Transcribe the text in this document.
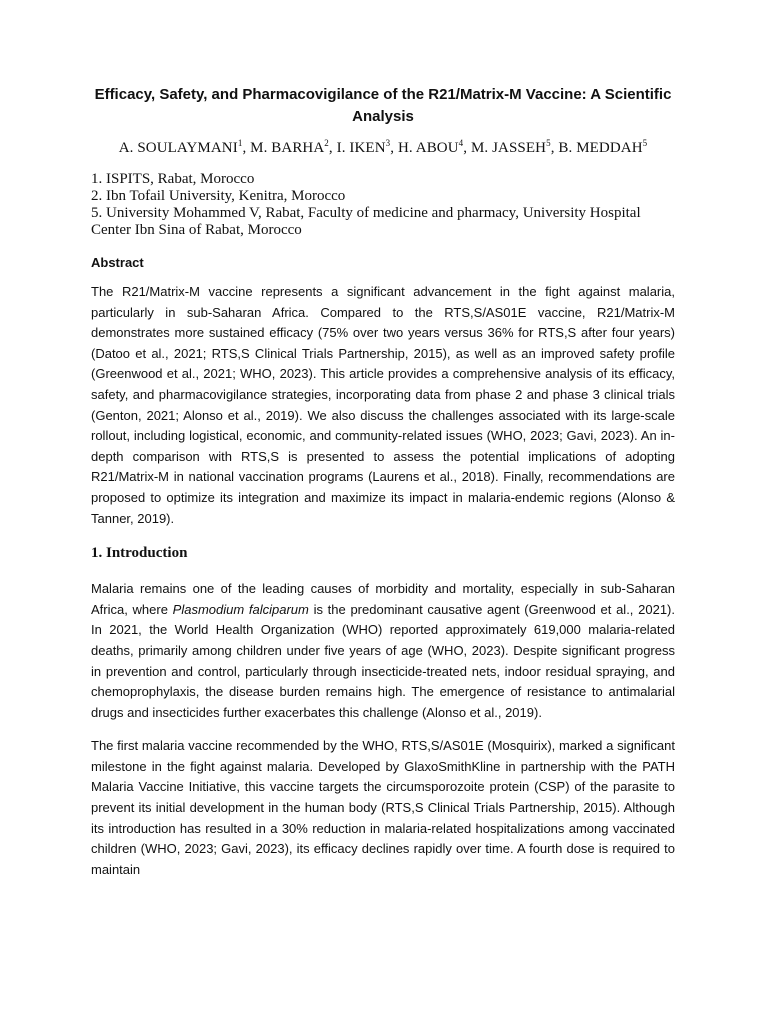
Efficacy, Safety, and Pharmacovigilance of the R21/Matrix-M Vaccine: A Scientific Analysis
A. SOULAYMANI$^1$, M. BARHA$^2$, I. IKEN$^3$, H. ABOU$^4$, M. JASSEH$^5$, B. MEDDAH$^5$
1. ISPITS, Rabat, Morocco
2. Ibn Tofail University, Kenitra, Morocco
5. University Mohammed V, Rabat, Faculty of medicine and pharmacy, University Hospital Center Ibn Sina of Rabat, Morocco
Abstract

The R21/Matrix-M vaccine represents a significant advancement in the fight against malaria, particularly in sub-Saharan Africa. Compared to the RTS,S/AS01E vaccine, R21/Matrix-M demonstrates more sustained efficacy (75% over two years versus 36% for RTS,S after four years) (Datoo et al., 2021; RTS,S Clinical Trials Partnership, 2015), as well as an improved safety profile (Greenwood et al., 2021; WHO, 2023). This article provides a comprehensive analysis of its efficacy, safety, and pharmacovigilance strategies, incorporating data from phase 2 and phase 3 clinical trials (Genton, 2021; Alonso et al., 2019). We also discuss the challenges associated with its large-scale rollout, including logistical, economic, and community-related issues (WHO, 2023; Gavi, 2023). An in-depth comparison with RTS,S is presented to assess the potential implications of adopting R21/Matrix-M in national vaccination programs (Laurens et al., 2018). Finally, recommendations are proposed to optimize its integration and maximize its impact in malaria-endemic regions (Alonso & Tanner, 2019).

1. Introduction

Malaria remains one of the leading causes of morbidity and mortality, especially in sub-Saharan Africa, where Plasmodium falciparum is the predominant causative agent (Greenwood et al., 2021). In 2021, the World Health Organization (WHO) reported approximately 619,000 malaria-related deaths, primarily among children under five years of age (WHO, 2023). Despite significant progress in prevention and control, particularly through insecticide-treated nets, indoor residual spraying, and chemoprophylaxis, the disease burden remains high. The emergence of resistance to antimalarial drugs and insecticides further exacerbates this challenge (Alonso et al., 2019).

The first malaria vaccine recommended by the WHO, RTS,S/AS01E (Mosquirix), marked a significant milestone in the fight against malaria. Developed by GlaxoSmithKline in partnership with the PATH Malaria Vaccine Initiative, this vaccine targets the circumsporozoite protein (CSP) of the parasite to prevent its initial development in the human body (RTS,S Clinical Trials Partnership, 2015). Although its introduction has resulted in a 30% reduction in malaria-related hospitalizations among vaccinated children (WHO, 2023; Gavi, 2023), its efficacy declines rapidly over time. A fourth dose is required to maintain
